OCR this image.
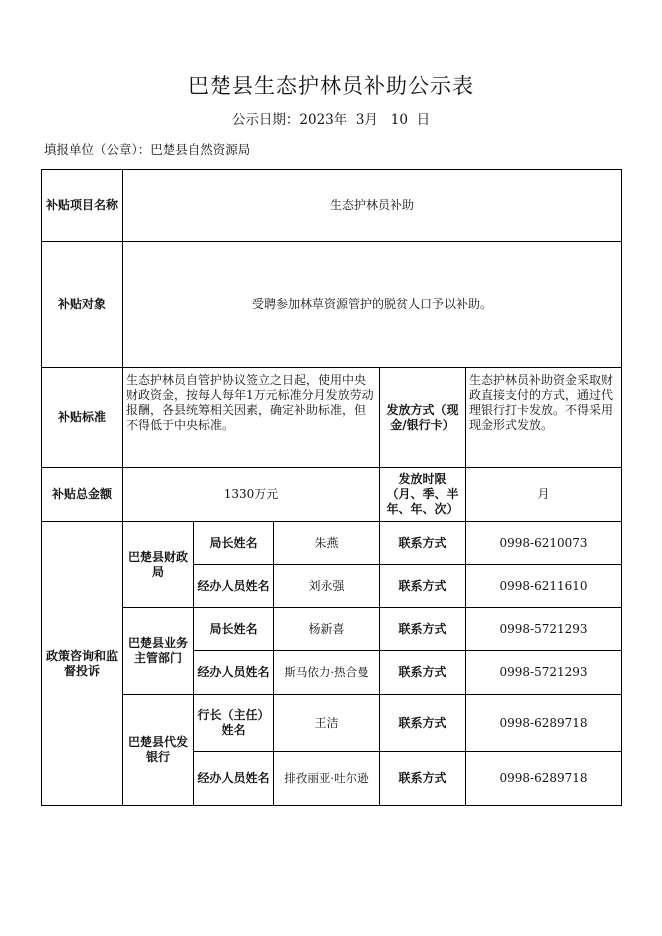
巴楚县生态护林员补助公示表
公示日期：2023年  3月   10  日
填报单位（公章）：巴楚县自然资源局
补贴项目名称	生态护林员补助				
补贴对象	受聘参加林草资源管护的脱贫人口予以补助。				
补贴标准	生态护林员自管护协议签立之日起，使用中央财政资金，按每人每年1万元标准分月发放劳动报酬，各县统筹相关因素，确定补助标准，但不得低于中央标准。			发放方式（现金/银行卡）	生态护林员补助资金采取财政直接支付的方式，通过代理银行打卡发放。不得采用现金形式发放。
补贴总金额	1330万元			发放时限（月、季、半年、年、次）	月
政策咨询和监督投诉	巴楚县财政局	局长姓名	朱燕	联系方式	0998-6210073
		经办人员姓名	刘永强	联系方式	0998-6211610
	巴楚县业务主管部门	局长姓名	杨新喜	联系方式	0998-5721293
		经办人员姓名	斯马依力·热合曼	联系方式	0998-5721293
	巴楚县代发银行	行长（主任）姓名	王洁	联系方式	0998-6289718
		经办人员姓名	排孜丽亚·吐尔逊	联系方式	0998-6289718
